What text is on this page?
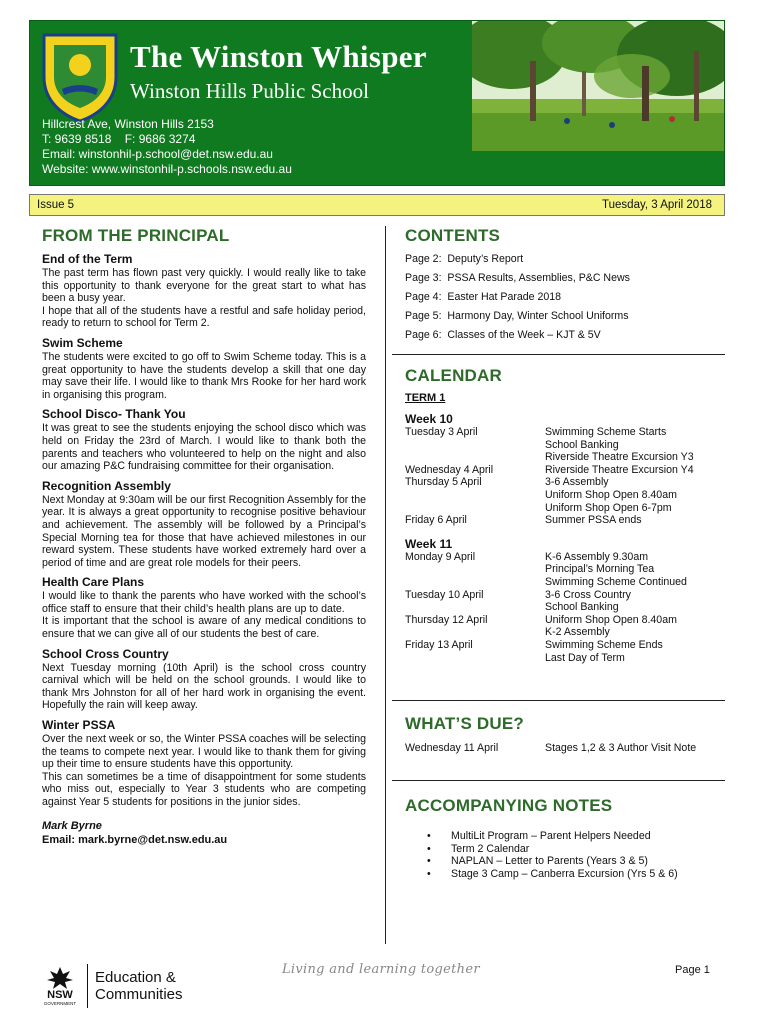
The Winston Whisper
Winston Hills Public School
Hillcrest Ave, Winston Hills 2153
T: 9639 8518    F: 9686 3274
Email: winstonhil-p.school@det.nsw.edu.au
Website: www.winstonhil-p.schools.nsw.edu.au
Issue 5	Tuesday, 3 April 2018
FROM THE PRINCIPAL
End of the Term
The past term has flown past very quickly. I would really like to take this opportunity to thank everyone for the great start to what has been a busy year.
I hope that all of the students have a restful and safe holiday period, ready to return to school for Term 2.
Swim Scheme
The students were excited to go off to Swim Scheme today. This is a great opportunity to have the students develop a skill that one day may save their life. I would like to thank Mrs Rooke for her hard work in organising this program.
School Disco- Thank You
It was great to see the students enjoying the school disco which was held on Friday the 23rd of March. I would like to thank both the parents and teachers who volunteered to help on the night and also our amazing P&C fundraising committee for their organisation.
Recognition Assembly
Next Monday at 9:30am will be our first Recognition Assembly for the year. It is always a great opportunity to recognise positive behaviour and achievement. The assembly will be followed by a Principal’s Special Morning tea for those that have achieved milestones in our reward system. These students have worked extremely hard over a period of time and are great role models for their peers.
Health Care Plans
I would like to thank the parents who have worked with the school’s office staff to ensure that their child’s health plans are up to date.
It is important that the school is aware of any medical conditions to ensure that we can give all of our students the best of care.
School Cross Country
Next Tuesday morning (10th April) is the school cross country carnival which will be held on the school grounds. I would like to thank Mrs Johnston for all of her hard work in organising the event. Hopefully the rain will keep away.
Winter PSSA
Over the next week or so, the Winter PSSA coaches will be selecting the teams to compete next year. I would like to thank them for giving up their time to ensure students have this opportunity.
This can sometimes be a time of disappointment for some students who miss out, especially to Year 3 students who are competing against Year 5 students for positions in the junior sides.
Mark Byrne
Email: mark.byrne@det.nsw.edu.au
CONTENTS
Page 2:  Deputy’s Report
Page 3:  PSSA Results, Assemblies, P&C News
Page 4:  Easter Hat Parade 2018
Page 5:  Harmony Day, Winter School Uniforms
Page 6:  Classes of the Week – KJT & 5V
CALENDAR
TERM 1
Week 10
Tuesday 3 April	Swimming Scheme Starts
School Banking
Riverside Theatre Excursion Y3

Wednesday 4 April	Riverside Theatre Excursion Y4

Thursday 5 April	3-6 Assembly
Uniform Shop Open 8.40am
Uniform Shop Open 6-7pm

Friday 6 April	Summer PSSA ends
Week 11
Monday 9 April	K-6 Assembly 9.30am
Principal’s Morning Tea
Swimming Scheme Continued

Tuesday 10 April	3-6 Cross Country
School Banking

Thursday 12 April	Uniform Shop Open 8.40am
K-2 Assembly

Friday 13 April	Swimming Scheme Ends
Last Day of Term
WHAT’S DUE?
Wednesday 11 April	Stages 1,2 & 3 Author Visit Note
ACCOMPANYING NOTES
• MultiLit Program – Parent Helpers Needed
• Term 2 Calendar
• NAPLAN – Letter to Parents (Years 3 & 5)
• Stage 3 Camp – Canberra Excursion (Yrs 5 & 6)
NSW
GOVERNMENT
Education &
Communities
Living and learning together	Page 1
